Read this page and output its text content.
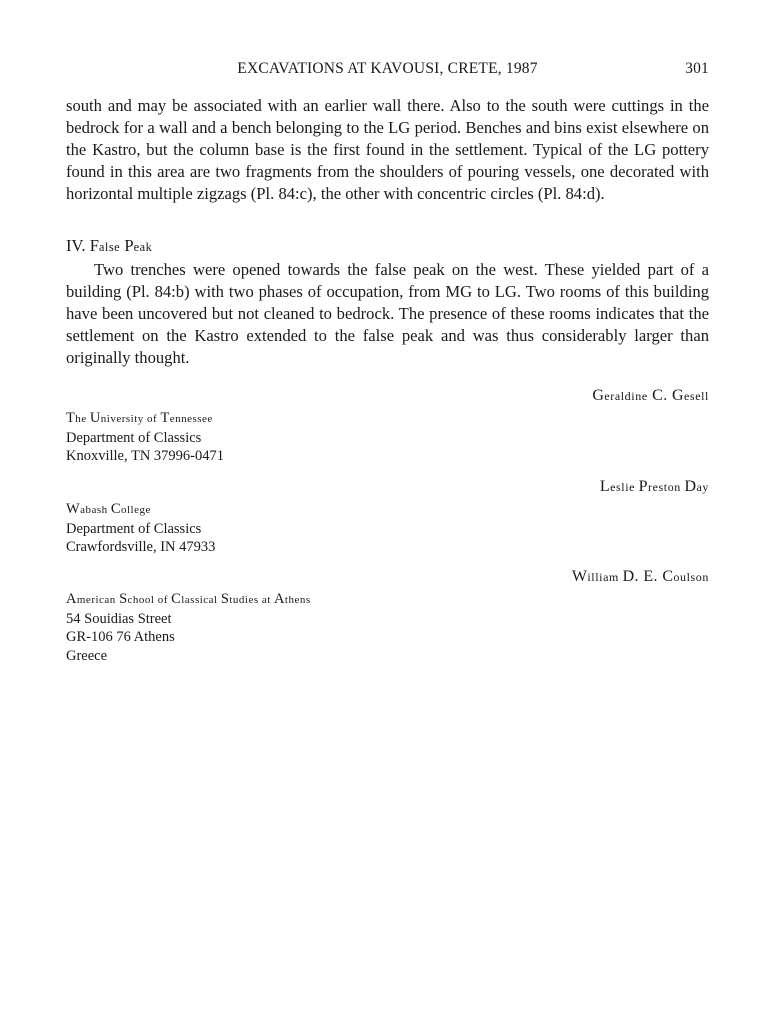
EXCAVATIONS AT KAVOUSI, CRETE, 1987	301

south and may be associated with an earlier wall there. Also to the south were cuttings in the bedrock for a wall and a bench belonging to the LG period. Benches and bins exist elsewhere on the Kastro, but the column base is the first found in the settlement. Typical of the LG pottery found in this area are two fragments from the shoulders of pouring vessels, one decorated with horizontal multiple zigzags (Pl. 84:c), the other with concentric circles (Pl. 84:d).

IV. False Peak

Two trenches were opened towards the false peak on the west. These yielded part of a building (Pl. 84:b) with two phases of occupation, from MG to LG. Two rooms of this building have been uncovered but not cleaned to bedrock. The presence of these rooms indicates that the settlement on the Kastro extended to the false peak and was thus considerably larger than originally thought.

Geraldine C. Gesell
The University of Tennessee
Department of Classics
Knoxville, TN 37996-0471
Leslie Preston Day
Wabash College
Department of Classics
Crawfordsville, IN 47933
William D. E. Coulson
American School of Classical Studies at Athens
54 Souidias Street
GR-106 76 Athens
Greece
